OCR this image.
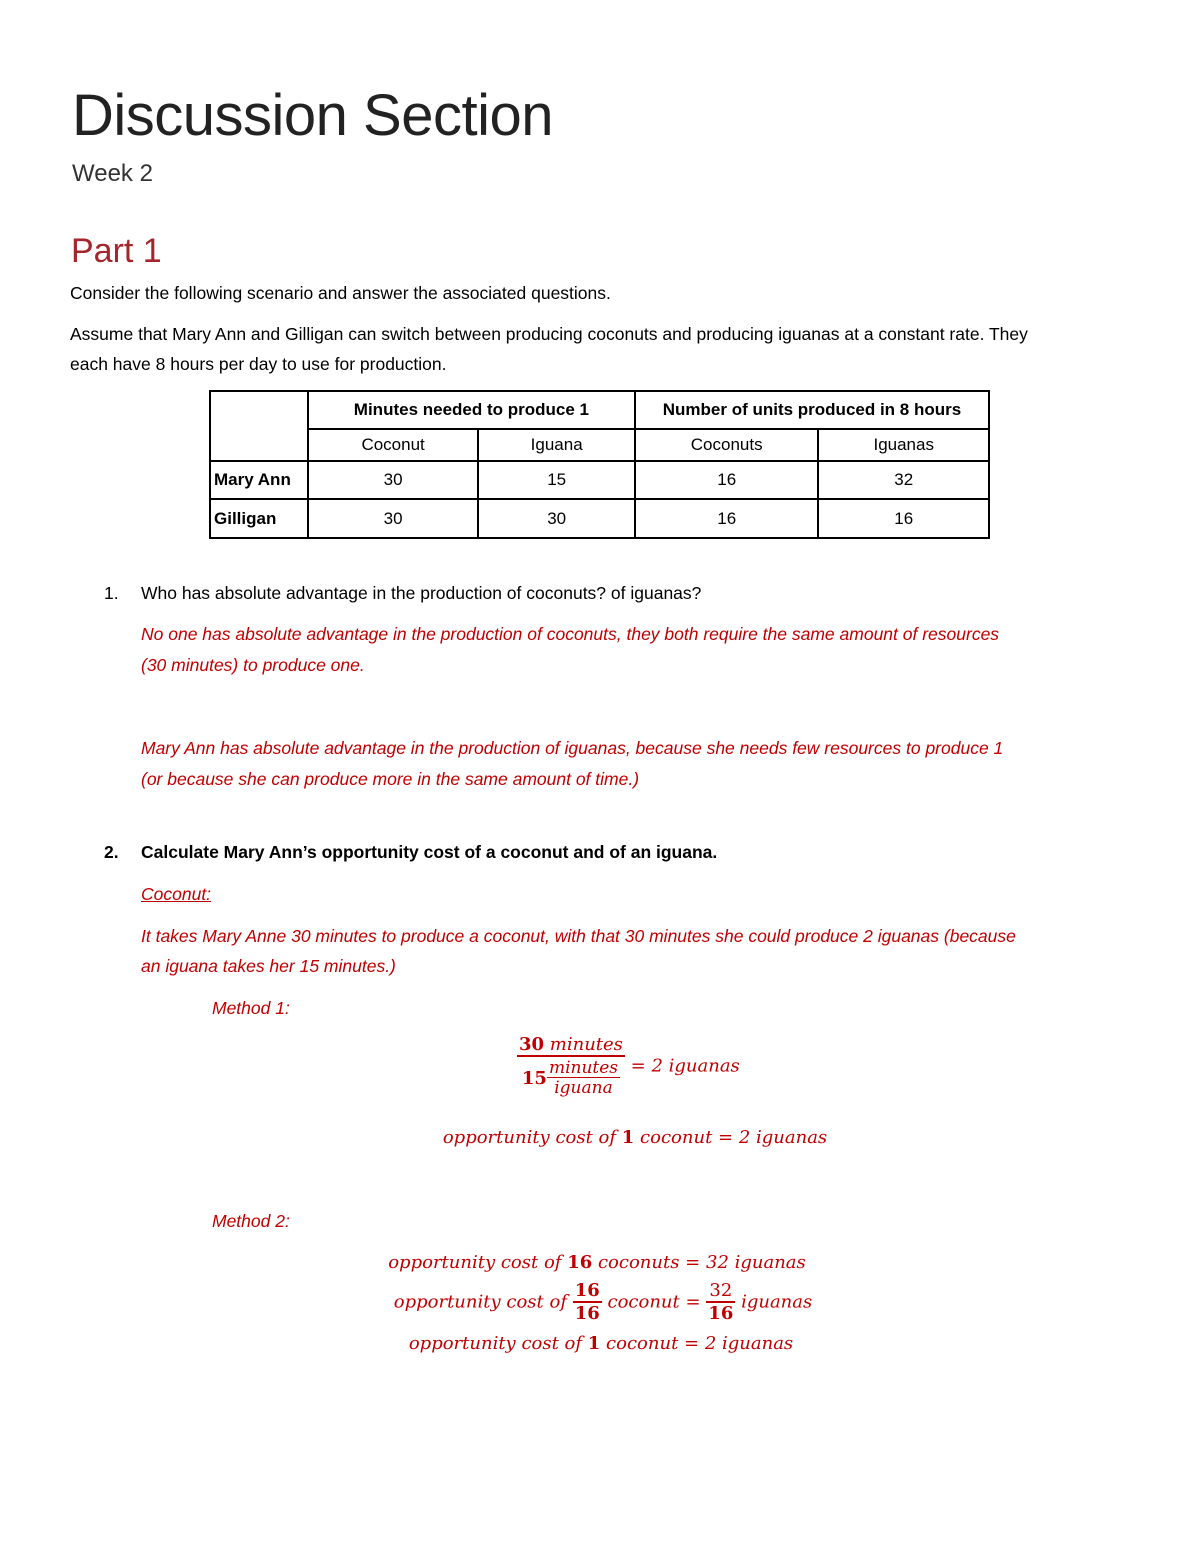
Discussion Section
Week 2
Part 1
Consider the following scenario and answer the associated questions.
Assume that Mary Ann and Gilligan can switch between producing coconuts and producing iguanas at a constant rate. They
each have 8 hours per day to use for production.
	Minutes needed to produce 1		Number of units produced in 8 hours	
	Coconut	Iguana	Coconuts	Iguanas
Mary Ann	30	15	16	32
Gilligan	30	30	16	16
1. Who has absolute advantage in the production of coconuts? of iguanas?
No one has absolute advantage in the production of coconuts, they both require the same amount of resources
(30 minutes) to produce one.
Mary Ann has absolute advantage in the production of iguanas, because she needs few resources to produce 1
(or because she can produce more in the same amount of time.)
2. Calculate Mary Ann’s opportunity cost of a coconut and of an iguana.
Coconut:
It takes Mary Anne 30 minutes to produce a coconut, with that 30 minutes she could produce 2 iguanas (because
an iguana takes her 15 minutes.)
Method 1:
$\frac{\text{30 minutes}}{15 \frac{\text{minutes}}{\text{iguana}}} = 2$ iguanas
opportunity cost of 1 coconut = 2 iguanas
Method 2:
opportunity cost of 16 coconuts = 32 iguanas
opportunity cost of $\frac{16}{16}$ coconut = $\frac{32}{16}$ iguanas
opportunity cost of 1 coconut = 2 iguanas
